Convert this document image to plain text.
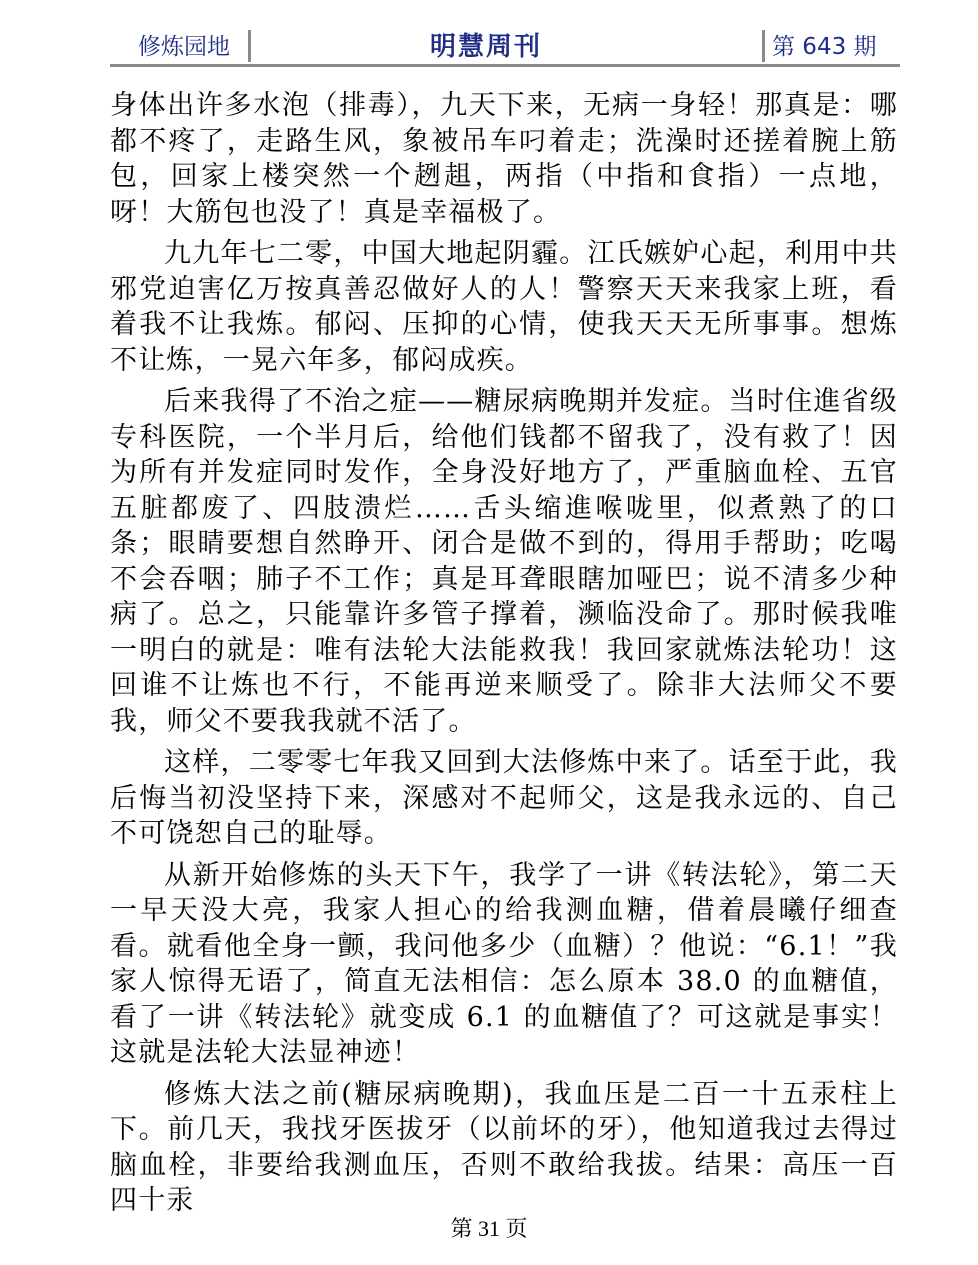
修炼园地	明慧周刊	第 643 期

身体出许多水泡（排毒），九天下来，无病一身轻！那真是：哪都不疼了，走路生风，象被吊车叼着走；洗澡时还搓着腕上筋包，回家上楼突然一个趔趄，两指（中指和食指）一点地，呀！大筋包也没了！真是幸福极了。

九九年七二零，中国大地起阴霾。江氏嫉妒心起，利用中共邪党迫害亿万按真善忍做好人的人！警察天天来我家上班，看着我不让我炼。郁闷、压抑的心情，使我天天无所事事。想炼不让炼，一晃六年多，郁闷成疾。

后来我得了不治之症——糖尿病晚期并发症。当时住進省级专科医院，一个半月后，给他们钱都不留我了，没有救了！因为所有并发症同时发作，全身没好地方了，严重脑血栓、五官五脏都废了、四肢溃烂……舌头缩進喉咙里，似煮熟了的口条；眼睛要想自然睁开、闭合是做不到的，得用手帮助；吃喝不会吞咽；肺子不工作；真是耳聋眼瞎加哑巴；说不清多少种病了。总之，只能靠许多管子撑着，濒临没命了。那时候我唯一明白的就是：唯有法轮大法能救我！我回家就炼法轮功！这回谁不让炼也不行，不能再逆来顺受了。除非大法师父不要我，师父不要我我就不活了。

这样，二零零七年我又回到大法修炼中来了。话至于此，我后悔当初没坚持下来，深感对不起师父，这是我永远的、自己不可饶恕自己的耻辱。

从新开始修炼的头天下午，我学了一讲《转法轮》，第二天一早天没大亮，我家人担心的给我测血糖，借着晨曦仔细查看。就看他全身一颤，我问他多少（血糖）？他说：“6.1！”我家人惊得无语了，简直无法相信：怎么原本 38.0 的血糖值，看了一讲《转法轮》就变成 6.1 的血糖值了？可这就是事实！这就是法轮大法显神迹！

修炼大法之前(糖尿病晚期)，我血压是二百一十五汞柱上下。前几天，我找牙医拔牙（以前坏的牙），他知道我过去得过脑血栓，非要给我测血压，否则不敢给我拔。结果：高压一百四十汞

第 31 页
